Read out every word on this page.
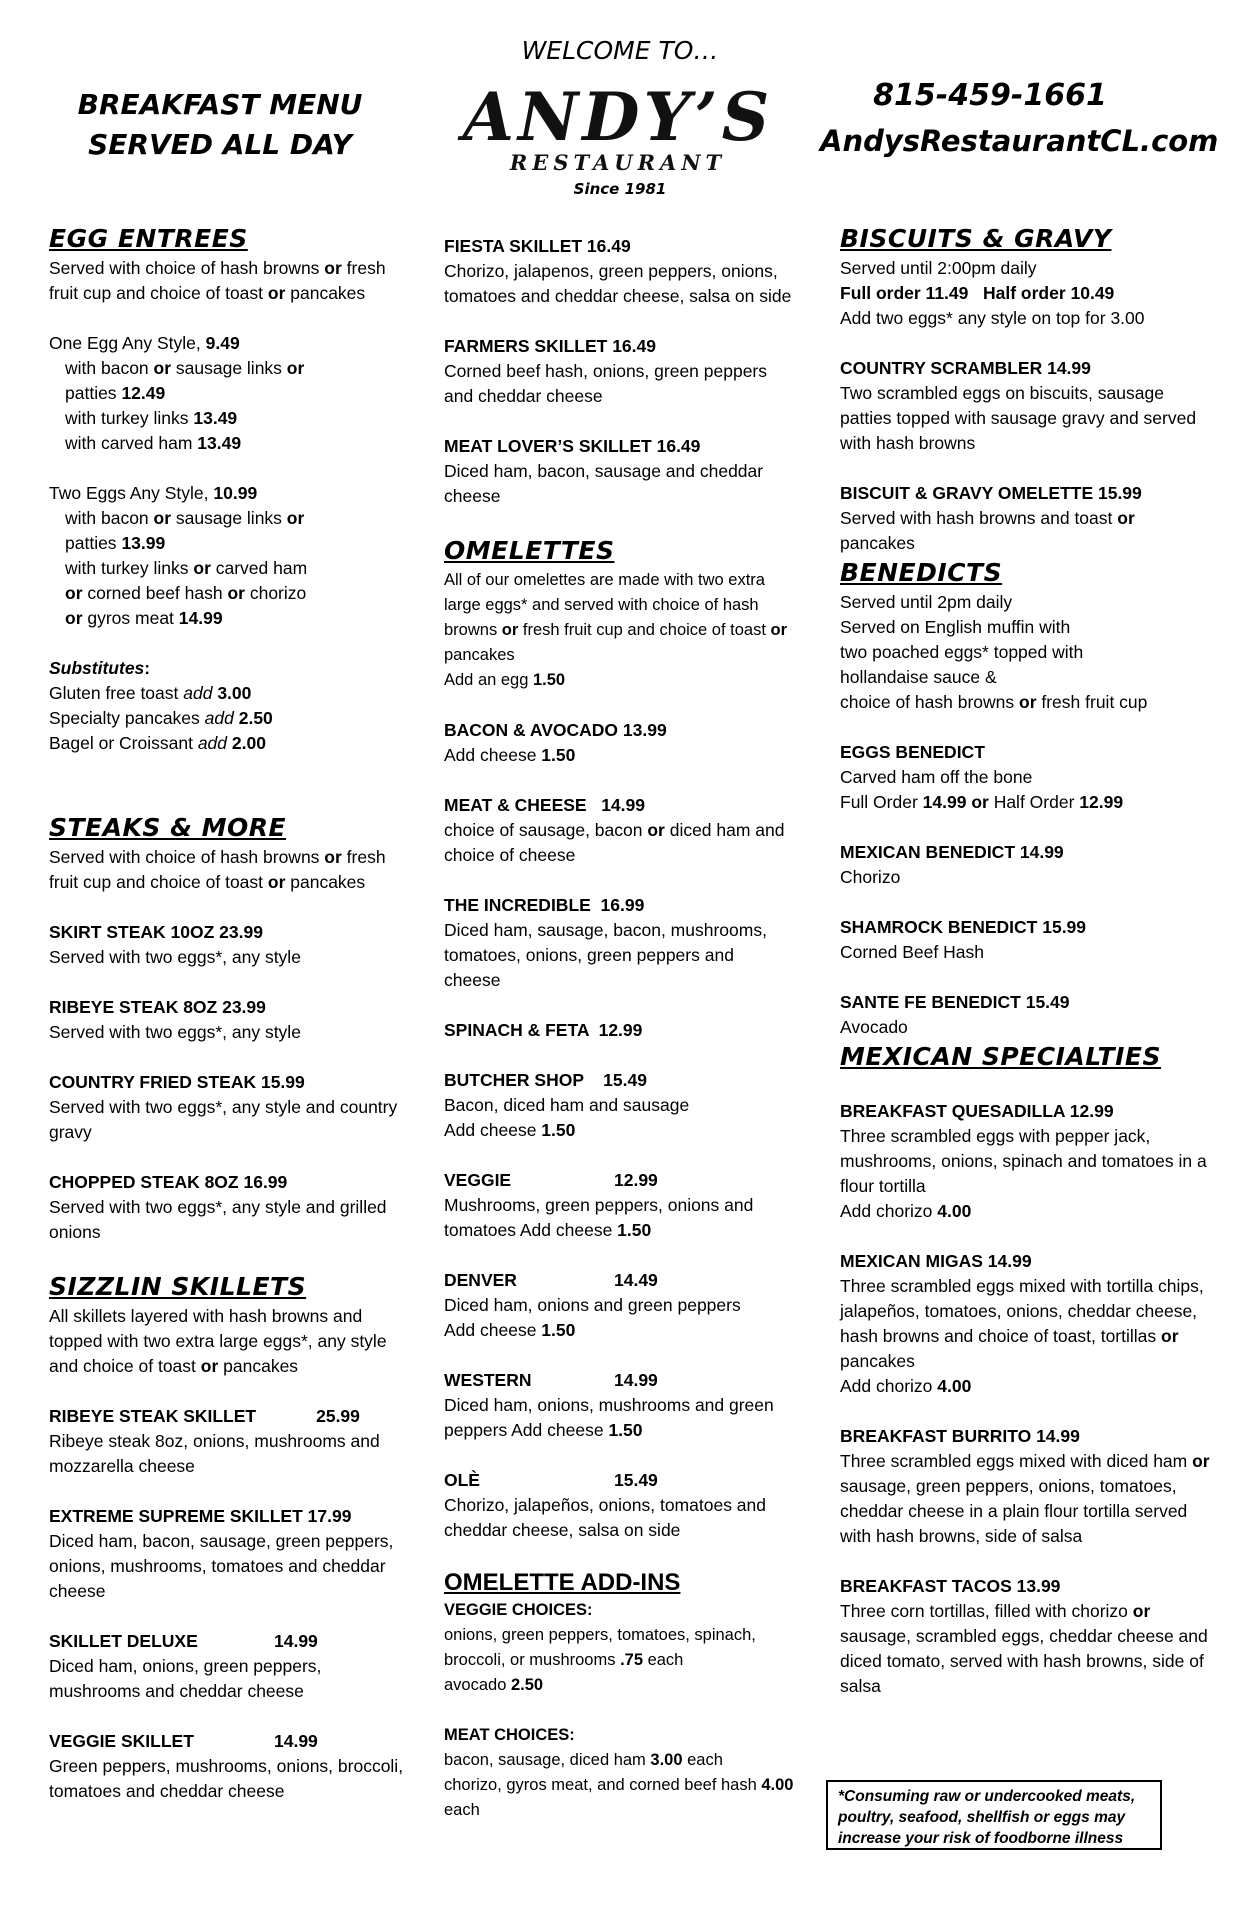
WELCOME TO…
BREAKFAST MENU
SERVED ALL DAY
815-459-1661
AndysRestaurantCL.com
ANDY’S
RESTAURANT
Since 1981
EGG ENTREES

Served with choice of hash browns or fresh fruit cup and choice of toast or pancakes

One Egg Any Style, 9.49

with bacon or sausage links or

patties 12.49

with turkey links 13.49

with carved ham 13.49

Two Eggs Any Style, 10.99

with bacon or sausage links or

patties 13.99

with turkey links or carved ham

or corned beef hash or chorizo

or gyros meat 14.99

Substitutes:

Gluten free toast add 3.00

Specialty pancakes add 2.50

Bagel or Croissant add 2.00

STEAKS & MORE

Served with choice of hash browns or fresh fruit cup and choice of toast or pancakes

SKIRT STEAK 10OZ 23.99

Served with two eggs*, any style

RIBEYE STEAK 8OZ 23.99

Served with two eggs*, any style

COUNTRY FRIED STEAK 15.99

Served with two eggs*, any style and country gravy

CHOPPED STEAK 8OZ 16.99

Served with two eggs*, any style and grilled onions

SIZZLIN SKILLETS

All skillets layered with hash browns and topped with two extra large eggs*, any style and choice of toast or pancakes

RIBEYE STEAK SKILLET	25.99

Ribeye steak 8oz, onions, mushrooms and mozzarella cheese

EXTREME SUPREME SKILLET 17.99

Diced ham, bacon, sausage, green peppers, onions, mushrooms, tomatoes and cheddar cheese

SKILLET DELUXE	14.99

Diced ham, onions, green peppers, mushrooms and cheddar cheese

VEGGIE SKILLET	14.99

Green peppers, mushrooms, onions, broccoli, tomatoes and cheddar cheese

FIESTA SKILLET 16.49

Chorizo, jalapenos, green peppers, onions, tomatoes and cheddar cheese, salsa on side

FARMERS SKILLET 16.49

Corned beef hash, onions, green peppers and cheddar cheese

MEAT LOVER’S SKILLET 16.49

Diced ham, bacon, sausage and cheddar cheese

OMELETTES

All of our omelettes are made with two extra large eggs* and served with choice of hash browns or fresh fruit cup and choice of toast or pancakes

Add an egg 1.50

BACON & AVOCADO 13.99

Add cheese 1.50

MEAT & CHEESE   14.99

choice of sausage, bacon or diced ham and choice of cheese

THE INCREDIBLE  16.99

Diced ham, sausage, bacon, mushrooms, tomatoes, onions, green peppers and cheese

SPINACH & FETA  12.99

BUTCHER SHOP    15.49

Bacon, diced ham and sausage

Add cheese 1.50

VEGGIE	12.99

Mushrooms, green peppers, onions and tomatoes Add cheese 1.50

DENVER	14.49

Diced ham, onions and green peppers

Add cheese 1.50

WESTERN	14.99

Diced ham, onions, mushrooms and green peppers Add cheese 1.50

OLÈ	15.49

Chorizo, jalapeños, onions, tomatoes and cheddar cheese, salsa on side

OMELETTE ADD-INS

VEGGIE CHOICES:

onions, green peppers, tomatoes, spinach, broccoli, or mushrooms .75 each

avocado 2.50

MEAT CHOICES:

bacon, sausage, diced ham 3.00 each

chorizo, gyros meat, and corned beef hash 4.00 each

BISCUITS & GRAVY

Served until 2:00pm daily

Full order 11.49   Half order 10.49

Add two eggs* any style on top for 3.00

COUNTRY SCRAMBLER 14.99

Two scrambled eggs on biscuits, sausage patties topped with sausage gravy and served with hash browns

BISCUIT & GRAVY OMELETTE 15.99

Served with hash browns and toast or pancakes

BENEDICTS

Served until 2pm daily

Served on English muffin with

two poached eggs* topped with

hollandaise sauce &

choice of hash browns or fresh fruit cup

EGGS BENEDICT

Carved ham off the bone

Full Order 14.99 or Half Order 12.99

MEXICAN BENEDICT 14.99

Chorizo

SHAMROCK BENEDICT 15.99

Corned Beef Hash

SANTE FE BENEDICT 15.49

Avocado

MEXICAN SPECIALTIES

BREAKFAST QUESADILLA 12.99

Three scrambled eggs with pepper jack, mushrooms, onions, spinach and tomatoes in a flour tortilla

Add chorizo 4.00

MEXICAN MIGAS 14.99

Three scrambled eggs mixed with tortilla chips, jalapeños, tomatoes, onions, cheddar cheese, hash browns and choice of toast, tortillas or pancakes

Add chorizo 4.00

BREAKFAST BURRITO 14.99

Three scrambled eggs mixed with diced ham or sausage, green peppers, onions, tomatoes, cheddar cheese in a plain flour tortilla served with hash browns, side of salsa

BREAKFAST TACOS 13.99

Three corn tortillas, filled with chorizo or sausage, scrambled eggs, cheddar cheese and diced tomato, served with hash browns, side of salsa

*Consuming raw or undercooked meats, poultry, seafood, shellfish or eggs may increase your risk of foodborne illness
